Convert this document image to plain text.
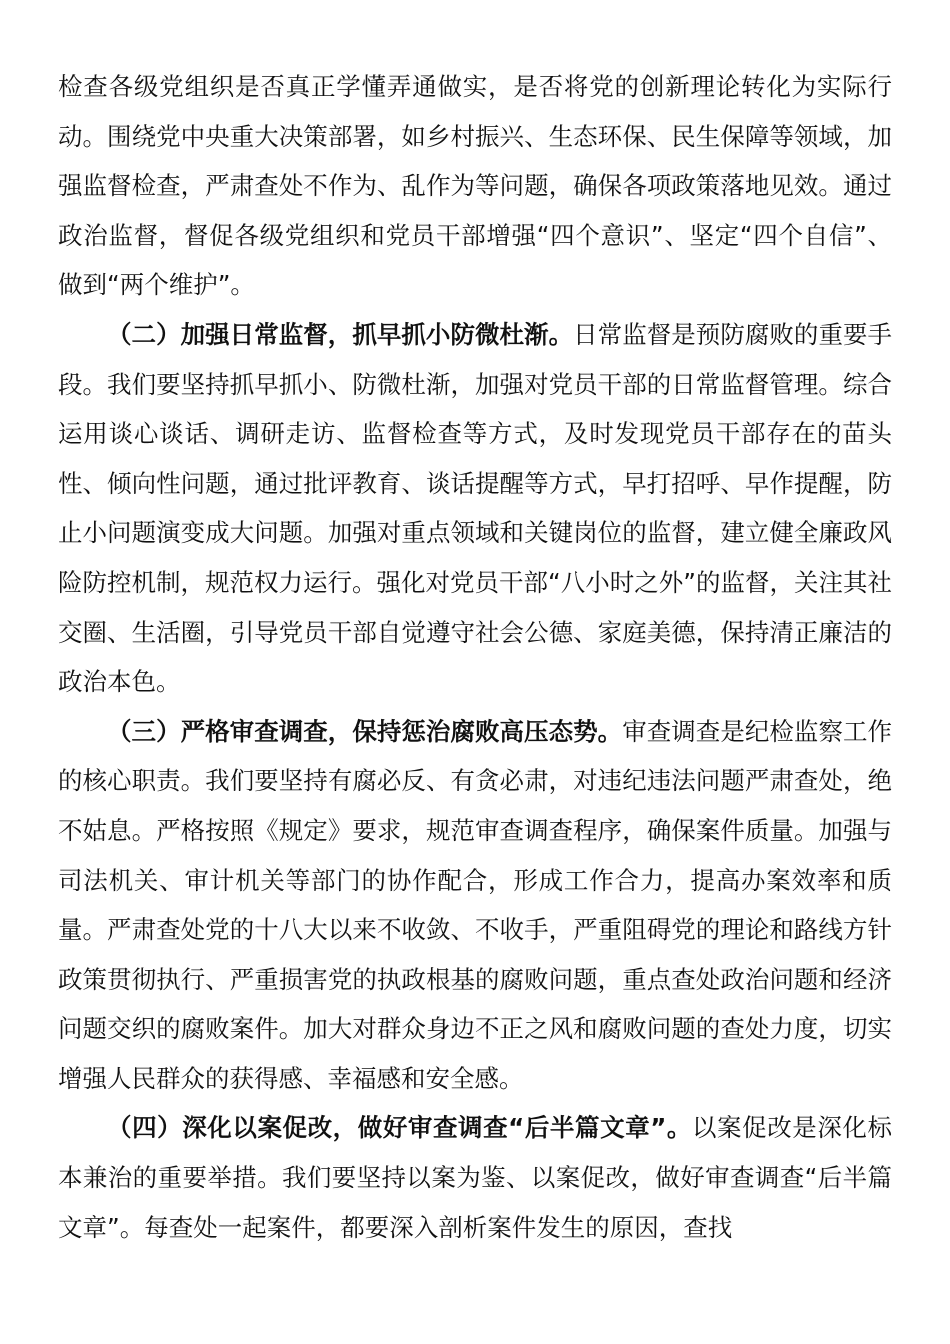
检查各级党组织是否真正学懂弄通做实，是否将党的创新理论转化为实际行动。围绕党中央重大决策部署，如乡村振兴、生态环保、民生保障等领域，加强监督检查，严肃查处不作为、乱作为等问题，确保各项政策落地见效。通过政治监督，督促各级党组织和党员干部增强“四个意识”、坚定“四个自信”、做到“两个维护”。

（二）加强日常监督，抓早抓小防微杜渐。日常监督是预防腐败的重要手段。我们要坚持抓早抓小、防微杜渐，加强对党员干部的日常监督管理。综合运用谈心谈话、调研走访、监督检查等方式，及时发现党员干部存在的苗头性、倾向性问题，通过批评教育、谈话提醒等方式，早打招呼、早作提醒，防止小问题演变成大问题。加强对重点领域和关键岗位的监督，建立健全廉政风险防控机制，规范权力运行。强化对党员干部“八小时之外”的监督，关注其社交圈、生活圈，引导党员干部自觉遵守社会公德、家庭美德，保持清正廉洁的政治本色。

（三）严格审查调查，保持惩治腐败高压态势。审查调查是纪检监察工作的核心职责。我们要坚持有腐必反、有贪必肃，对违纪违法问题严肃查处，绝不姑息。严格按照《规定》要求，规范审查调查程序，确保案件质量。加强与司法机关、审计机关等部门的协作配合，形成工作合力，提高办案效率和质量。严肃查处党的十八大以来不收敛、不收手，严重阻碍党的理论和路线方针政策贯彻执行、严重损害党的执政根基的腐败问题，重点查处政治问题和经济问题交织的腐败案件。加大对群众身边不正之风和腐败问题的查处力度，切实增强人民群众的获得感、幸福感和安全感。

（四）深化以案促改，做好审查调查“后半篇文章”。以案促改是深化标本兼治的重要举措。我们要坚持以案为鉴、以案促改，做好审查调查“后半篇文章”。每查处一起案件，都要深入剖析案件发生的原因，查找
